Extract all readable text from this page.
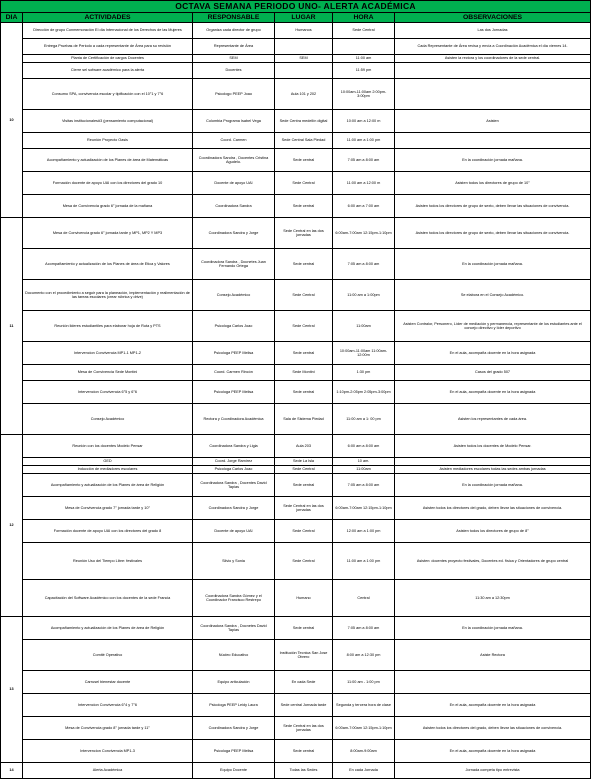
OCTAVA SEMANA PERIODO UNO- ALERTA ACADÉMICA					
DIA	ACTIVIDADES	RESPONSABLE	LUGAR	HORA	OBSERVACIONES
10	Dirección de grupo Conmemoración El día Internacional de los Derechos de las Mujeres	Organiza cada director de grupo	Humanos	Sede Central	Las dos Jornadas
	Entrega Pruebas de Periodo a cada representante de Área para su revisión	Representante de Área			Cada Representante de Área revisa y envía a Coordinación Académica el día viernes 14.
	Planta de Certificación de cargos Docentes	SEM	SEM	11:00 am	Asisten la rectora y los coordinadores de la sede central.
	Cierre sel sofware académico para la alerta	Docentes		11:59 pm	
	Consumo SPA, convivencia escolar y tipificación con el 10°1 y 7°6	Psicologo PEEP Joao	Aula 101 y 202	10:00am-11:00am 2:00pm-3:00pm	
	Visitas institucionales#3 (pensamiento computacional)	Colombia Programa Isabel Vega	Sede Centra medellín digital	10:00 am a 12:00 m	Asisten
	Reunión Proyecto Oasis	Coord. Carmen	Sede Central Sala Piedad	11:00 am a 1:00 pm	
	Acompañamiento y actualización de los Planes de área de Matemáticas	Coordinadora Sandra , Docentes Cristina Agudelo.	Sede central	7:05 am a 8:00 am	En la coordinación jornada mañana.
	Formación docente de apoyo UAI con los directores del grado 10	Docente de apoyo UAI	Sede Central	11:00 am a 12:00 m	Asisten todos los directores de grupo de 10°
	Mesa de Convivencia grado 6° jornada de la mañana	Coordinadora Sandra	Sede central	6:00 am a 7:00 am	Asisten todos los directores de grupo de sexto, deben llevar las situaciones de convivencia.
11	Mesa de Convivencia grado 6° jornada tarde y MP1, MP2 Y MP3	Coordinadora Sandra y Jorge	Sede Central en las dos jornadas	6:00am-7:00am 12:15pm-1:10pm	Asisten todos los directores de grupo de sexto, deben llevar las situaciones de convivencia.
	Acompañamiento y actualización de los Planes de área de Etica y Valores	Coordinadora Sandra , Docnetes Juan Fernando Ortega	Sede central	7:05 am a 8:00 am	En la coordinación jornada mañana.
	Documento con el procedimiento a seguir para la planeación, implementación y realimentación de las tareas escolares (crear rúbrica y drive)	Consejo Académico	Sede Central	11:00 am a 1:00pm	Se elabora en el Consejo Académico.
	Reunión lideres estudiantiles para elaborar hoja de Ruta y PTS	Psicologa Carlos Joao	Sede Central	11:00am	Asisten Contralor, Personero, Líder de mediación y permanencia, representante de los estudiantes ante el concejo directivo y líder deportivo
	Intervencion Convivencia MP1-1 MP1-2	Psicologa PEEP Melisa	Sede central	10:00am-11:00am 11:00am-12:00m	En el aula, acompaña docente en la hora asignada
	Mesa de Convivencia Sede Montini	Coord. Carmen Rincón	Sede Montini	1:30 pm	Casos del grado 507
	Intervencion Convivencia 6°5 y 6°6	Psicologa PEEP Melisa	Sede central	1:10pm-2:05pm 2:05pm-3:00pm	En el aula, acompaña docente en la hora asignada
	Consejo Académico	Rectora y Coordinadora Académica	Sala de Sistema Piedad	11:00 am a 1: 00 pm	Asisten los representantes de cada área.
12	Reunión con los docentes Modelo Pensar	Coordinadora Sandra y Ligia	Aula 203	6:00 am a 8:00 am	Asisten todos los docentes de Modelo Pensar.
	GED	Coord. Jorge Ramírez	Sede La Isla	10 am.	
	Inducción de mediadores escolares	Psicologa Carlos Joao	Sede Central	11:00am	Asisten mediadores escolares todas las sedes ambas jornadas
	Acompañamiento y actualización de los Planes de área de Religión	Coordinadora Sandra , Docentes David Tapias	Sede central	7:05 am a 8:00 am	En la coordinación jornada mañana.
	Mesa de Convivencia grado 7° jornada tarde y 10°	Coordinadora Sandra y Jorge	Sede Central en las dos jornadas	6:00am-7:00am 12:15pm-1:10pm	Asisten todos los directores del grado, deben llevar las situaciones de convivencia.
	Formación docente de apoyo UAI con los directores del grado 8	Docente de apoyo UAI	Sede Central	12:00 am a 1:00 pm	Asisten todos los directores de grupo de 8°
	Reunión Uso del Tiempo Libre: festivales	Silvio y Sonia	Sede Central	11:00 am a 1:00 pm	Asisten: docentes proyecto festivales, Docentes ed. física y Orientadores de grupo central
	Capacitación del Software Académico con los docentes de la sede Francia	Coordinadora Sandra Gómez y el Coordinador Francisco Restrepo	Humano	Central	11:30 am a 12:30pm
13	Acompañamiento y actualización de los Planes de área de Religión	Coordinadora Sandra , Docnetes David Tapias	Sede central	7:05 am a 8:00 am	En la coordinación jornada mañana.
	Comité Operativo	Núcleo Educativo	Institución Tecnica San Jose Obrero	8:00 am a 12:30 pm	Asiste Rectora
	Carrusel bienestar docente	Equipo articulación	En cada Sede	11:00 am - 1:00 pm	
	Intervencion Convivencia 6°4 y 7°6	Psicologa PEEP Leidy Laura	Sede central Jornada tarde	Segunda y tercera hora de clase	En el aula, acompaña docente en la hora asignada
	Mesa de Convivencia grado 8° jornada tarde y 11°	Coordinadora Sandra y Jorge	Sede Central en las dos jornadas	6:00am-7:00am 12:15pm-1:10pm	Asisten todos los directores del grado, deben llevar las situaciones de convivencia.
	Intervencion Convivencia MP1-3	Psicologa PEEP Melisa	Sede central	8:00am-9:00am	En el aula, acompaña docente en la hora asignada
14	Alerta Académica	Equipo Docente	Todas las Sedes	En cada Jornada	Jornada competa tipo entrevista
